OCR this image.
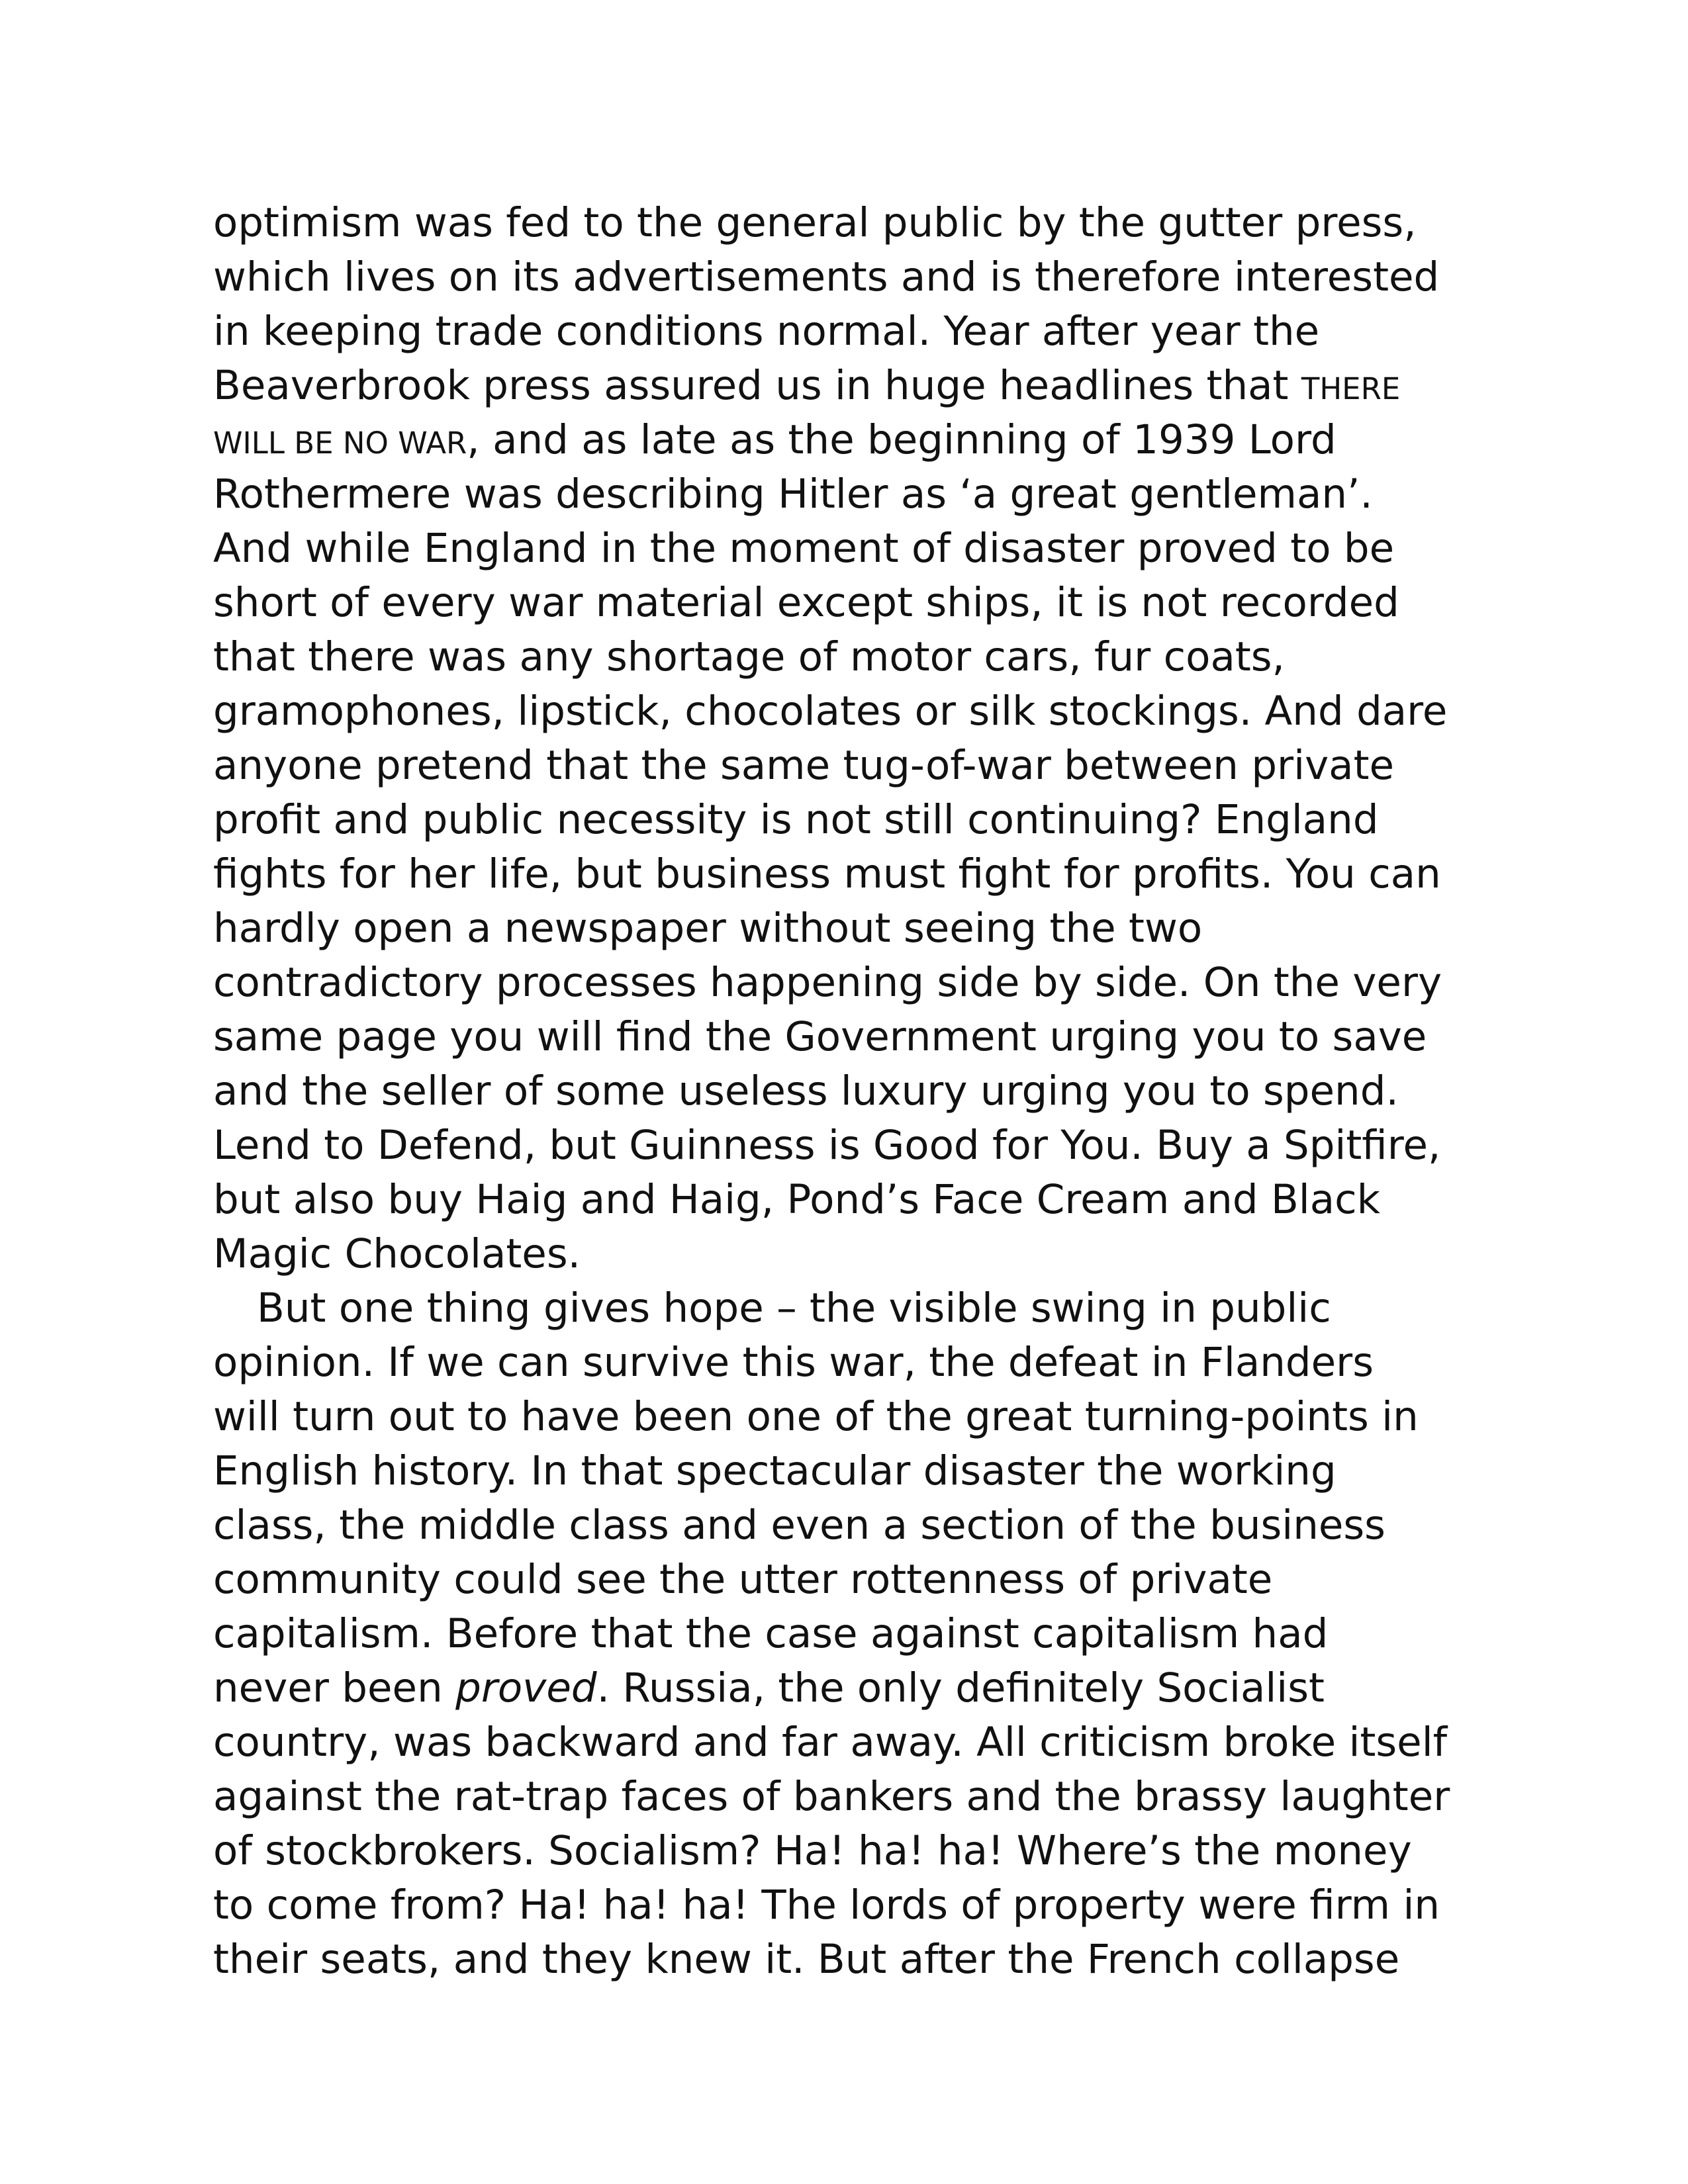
optimism was fed to the general public by the gutter press,
which lives on its advertisements and is therefore interested
in keeping trade conditions normal. Year after year the
Beaverbrook press assured us in huge headlines that THERE
WILL BE NO WAR, and as late as the beginning of 1939 Lord
Rothermere was describing Hitler as ‘a great gentleman’.
And while England in the moment of disaster proved to be
short of every war material except ships, it is not recorded
that there was any shortage of motor cars, fur coats,
gramophones, lipstick, chocolates or silk stockings. And dare
anyone pretend that the same tug-of-war between private
profit and public necessity is not still continuing? England
fights for her life, but business must fight for profits. You can
hardly open a newspaper without seeing the two
contradictory processes happening side by side. On the very
same page you will find the Government urging you to save
and the seller of some useless luxury urging you to spend.
Lend to Defend, but Guinness is Good for You. Buy a Spitfire,
but also buy Haig and Haig, Pond’s Face Cream and Black
Magic Chocolates.
But one thing gives hope – the visible swing in public
opinion. If we can survive this war, the defeat in Flanders
will turn out to have been one of the great turning-points in
English history. In that spectacular disaster the working
class, the middle class and even a section of the business
community could see the utter rottenness of private
capitalism. Before that the case against capitalism had
never been proved. Russia, the only definitely Socialist
country, was backward and far away. All criticism broke itself
against the rat-trap faces of bankers and the brassy laughter
of stockbrokers. Socialism? Ha! ha! ha! Where’s the money
to come from? Ha! ha! ha! The lords of property were firm in
their seats, and they knew it. But after the French collapse
